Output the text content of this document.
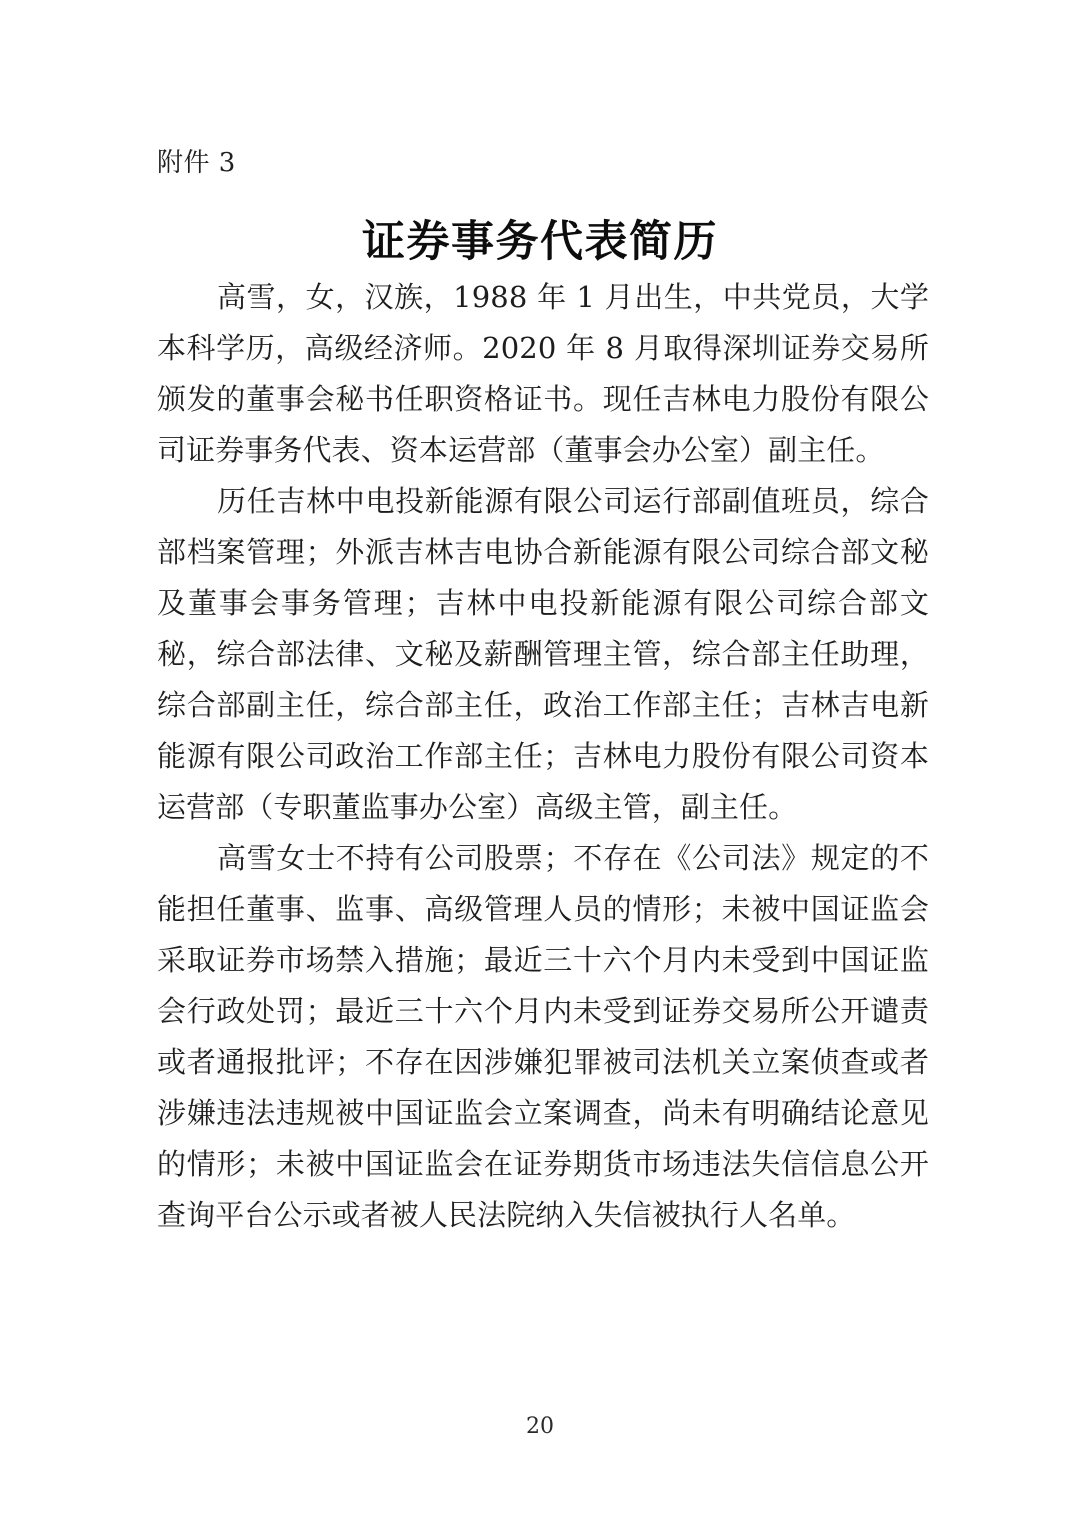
附件 3
证券事务代表简历

高雪，女，汉族，1988 年 1 月出生，中共党员，大学本科学历，高级经济师。2020 年 8 月取得深圳证券交易所颁发的董事会秘书任职资格证书。现任吉林电力股份有限公司证券事务代表、资本运营部（董事会办公室）副主任。

历任吉林中电投新能源有限公司运行部副值班员，综合部档案管理；外派吉林吉电协合新能源有限公司综合部文秘及董事会事务管理；吉林中电投新能源有限公司综合部文秘，综合部法律、文秘及薪酬管理主管，综合部主任助理，综合部副主任，综合部主任，政治工作部主任；吉林吉电新能源有限公司政治工作部主任；吉林电力股份有限公司资本运营部（专职董监事办公室）高级主管，副主任。

高雪女士不持有公司股票；不存在《公司法》规定的不能担任董事、监事、高级管理人员的情形；未被中国证监会采取证券市场禁入措施；最近三十六个月内未受到中国证监会行政处罚；最近三十六个月内未受到证券交易所公开谴责或者通报批评；不存在因涉嫌犯罪被司法机关立案侦查或者涉嫌违法违规被中国证监会立案调查，尚未有明确结论意见的情形；未被中国证监会在证券期货市场违法失信信息公开查询平台公示或者被人民法院纳入失信被执行人名单。

20
